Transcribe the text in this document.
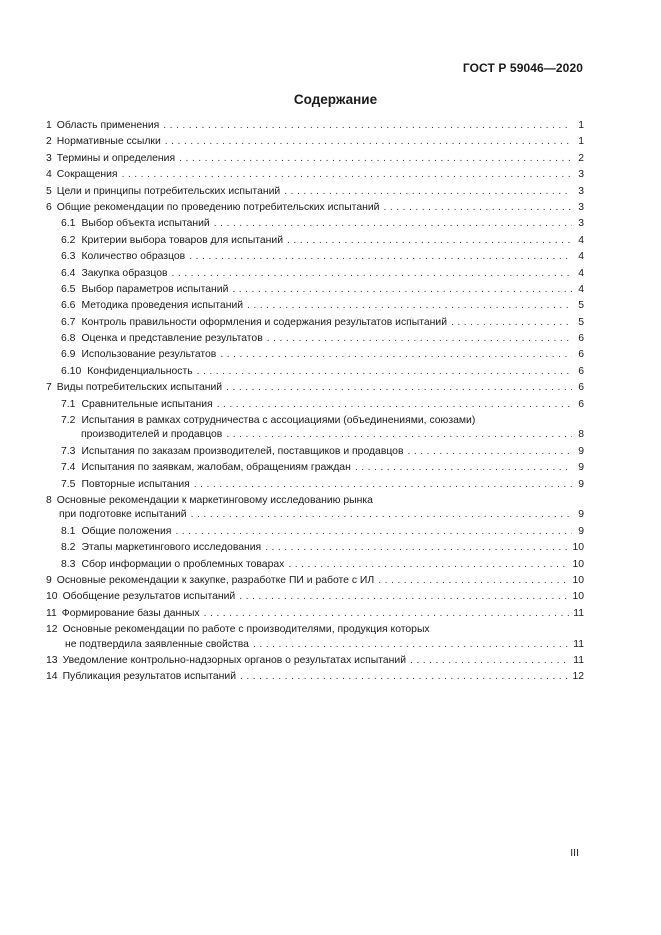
ГОСТ Р 59046—2020
Содержание
1 Область применения . . .	1
2 Нормативные ссылки . . .	1
3 Термины и определения . . .	2
4 Сокращения . . .	3
5 Цели и принципы потребительских испытаний . . .	3
6 Общие рекомендации по проведению потребительских испытаний . . .	3
6.1 Выбор объекта испытаний . . .	3
6.2 Критерии выбора товаров для испытаний . . .	4
6.3 Количество образцов . . .	4
6.4 Закупка образцов . . .	4
6.5 Выбор параметров испытаний . . .	4
6.6 Методика проведения испытаний . . .	5
6.7 Контроль правильности оформления и содержания результатов испытаний . . .	5
6.8 Оценка и представление результатов . . .	6
6.9 Использование результатов . . .	6
6.10 Конфиденциальность . . .	6
7 Виды потребительских испытаний . . .	6
7.1 Сравнительные испытания . . .	6
7.2 Испытания в рамках сотрудничества с ассоциациями (объединениями, союзами)
производителей и продавцов . . .	8
7.3 Испытания по заказам производителей, поставщиков и продавцов . . .	9
7.4 Испытания по заявкам, жалобам, обращениям граждан . . .	9
7.5 Повторные испытания . . .	9
8 Основные рекомендации к маркетинговому исследованию рынка
при подготовке испытаний . . .	9
8.1 Общие положения . . .	9
8.2 Этапы маркетингового исследования . . .	10
8.3 Сбор информации о проблемных товарах . . .	10
9 Основные рекомендации к закупке, разработке ПИ и работе с ИЛ . . .	10
10 Обобщение результатов испытаний . . .	10
11 Формирование базы данных . . .	11
12 Основные рекомендации по работе с производителями, продукция которых
не подтвердила заявленные свойства . . .	11
13 Уведомление контрольно-надзорных органов о результатах испытаний . . .	11
14 Публикация результатов испытаний . . .	12
III
